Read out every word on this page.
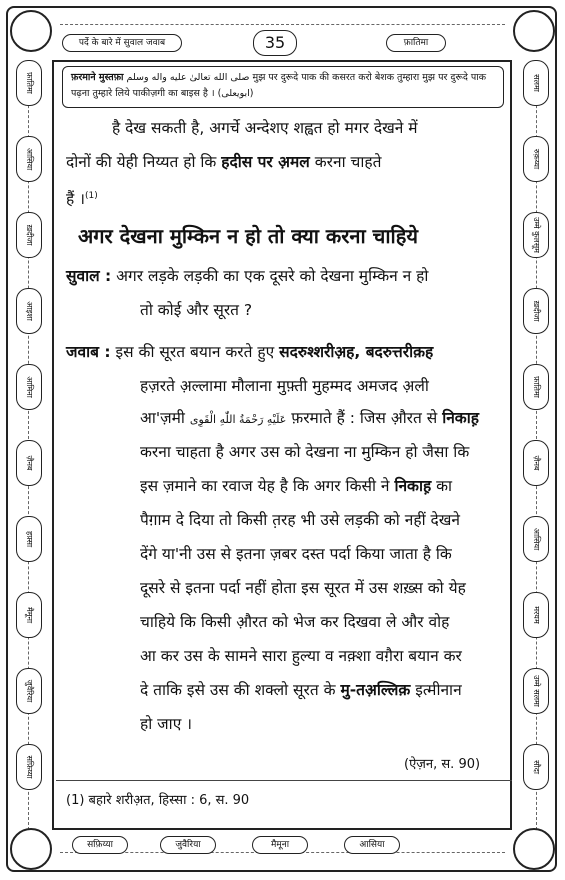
पर्दे के बारे में सुवाल जवाब	35	फ़ातिमा
फ़ातिमा
आसिया
ख़दीजा
आइशा
आमिना
ज़ैनब
हफ़्सा
मैमूना
जुवैरिया
सफ़िय्या
सलमा
रुक़य्या
उम्मे कुलसूम
ख़दीजा
फ़ातिमा
ज़ैनब
आसिया
मरयम
उम्मे सलमा
सौदा
फ़रमाने मुस्तफ़ा صلى الله تعالیٰ علیه واله وسلم मुझ पर दुरूदे पाक की कसरत करो बेशक तुम्हारा मुझ पर दुरूदे पाक
पढ़ना तुम्हारे लिये पाकीज़गी का बाइस है । (ابویعلی)
है देख सकती है, अगर्चे अन्देशए शह्वत हो मगर देखने में
दोनों की येही निय्यत हो कि हदीस पर अ़मल करना चाहते
हैं ।$^{(1)}$
अगर देखना मुम्किन न हो तो क्या करना चाहिये
सुवाल : अगर लड़के लड़की का एक दूसरे को देखना मुम्किन न हो
तो कोई और सूरत ?
जवाब : इस की सूरत बयान करते हुए सदरुश्शरीअ़ह, बदरुत्तरीक़ह
हज़रते अ़ल्लामा मौलाना मुफ़्ती मुहम्मद अमजद अ़ली
आ'ज़मी عَلَيْهِ رَحْمَةُ اللّٰهِ الْقَوِى फ़रमाते हैं : जिस औ़रत से निकाह़
करना चाहता है अगर उस को देखना ना मुम्किन हो जैसा कि
इस ज़माने का रवाज येह है कि अगर किसी ने निकाह़ का
पैग़ाम दे दिया तो किसी त़रह भी उसे लड़की को नहीं देखने
देंगे या'नी उस से इतना ज़बर दस्त पर्दा किया जाता है कि
दूसरे से इतना पर्दा नहीं होता इस सूरत में उस शख़्स को येह
चाहिये कि किसी औ़रत को भेज कर दिखवा ले और वोह
आ कर उस के सामने सारा हुल्या व नक़्शा वग़ैरा बयान कर
दे ताकि इसे उस की शक्लो सूरत के मु-तअ़ल्लिक़ इत्मीनान
हो जाए ।
(ऐज़न, स. 90)
(1) बहारे शरीअ़त, हिस्सा : 6, स. 90
सफ़िय्या	जुवैरिया	मैमूना	आसिया
